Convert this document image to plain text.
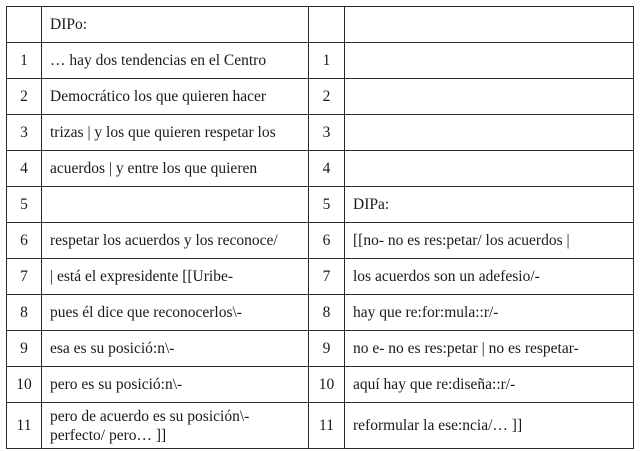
	DIPo:		
1	… hay dos tendencias en el Centro	1	
2	Democrático los que quieren hacer	2	
3	trizas | y los que quieren respetar los	3	
4	acuerdos | y entre los que quieren	4	
5		5	DIPa:
6	respetar los acuerdos y los reconoce/	6	[[no- no es res:petar/ los acuerdos |
7	| está el expresidente [[Uribe-	7	los acuerdos son un adefesio/-
8	pues él dice que reconocerlos\-	8	hay que re:for:mula::r/-
9	esa es su posició:n\-	9	no e- no es res:petar | no es respetar-
10	pero es su posició:n\-	10	aquí hay que re:diseña::r/-
11	pero de acuerdo es su posición\- perfecto/ pero… ]]	11	reformular la ese:ncia/… ]]
